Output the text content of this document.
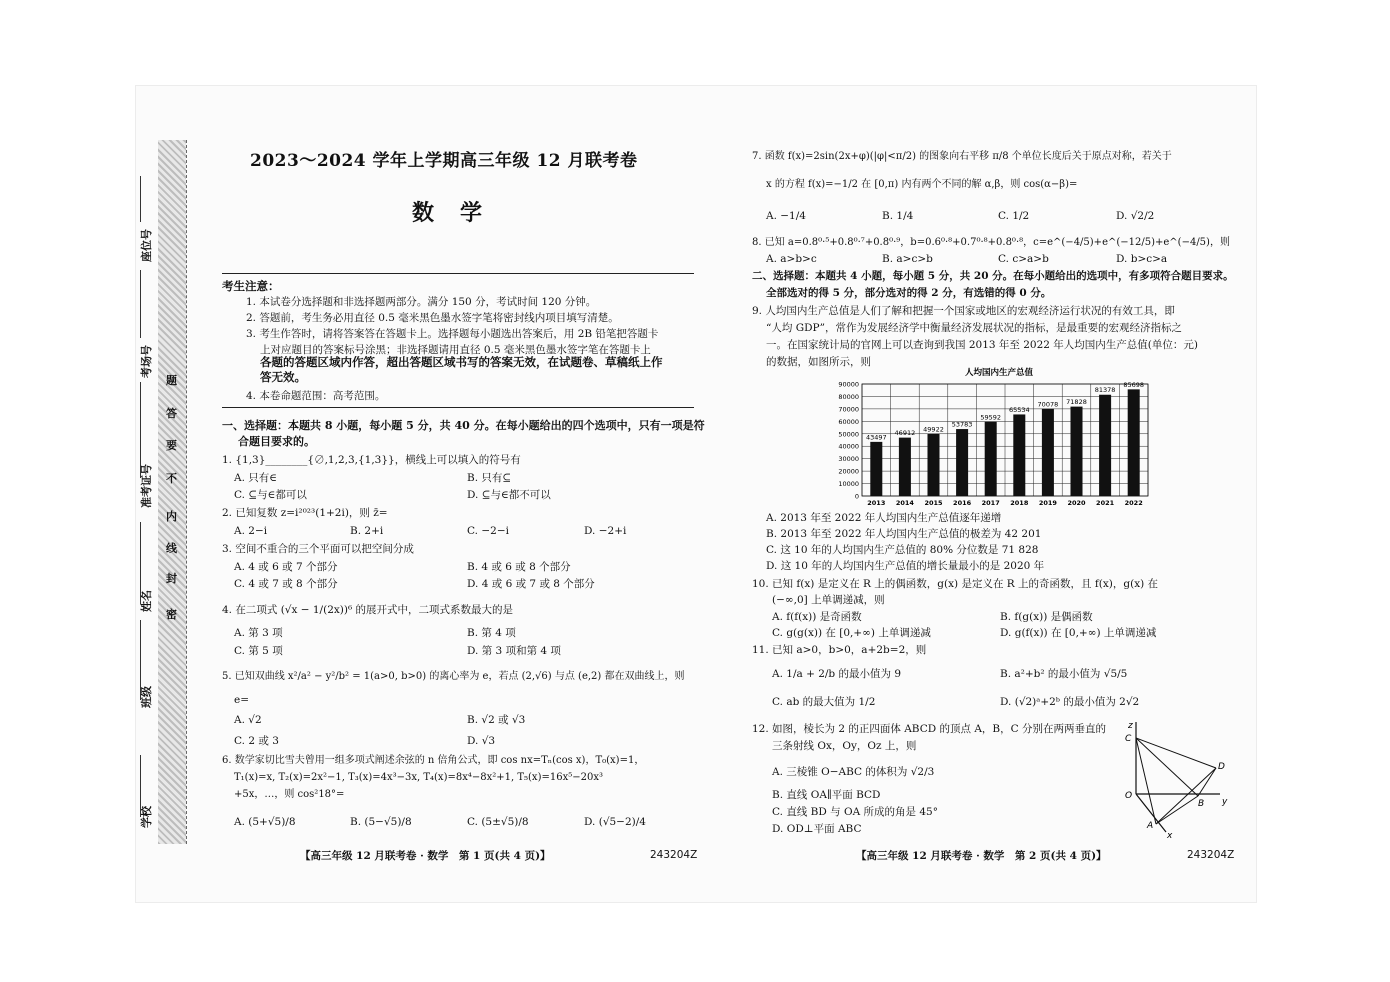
学校
班级
姓名
准考证号
考场号
座位号
密
封
线
内
不
要
答
题
2023～2024 学年上学期高三年级 12 月联考卷
数学
考生注意：
1. 本试卷分选择题和非选择题两部分。满分 150 分，考试时间 120 分钟。
2. 答题前，考生务必用直径 0.5 毫米黑色墨水签字笔将密封线内项目填写清楚。
3. 考生作答时，请将答案答在答题卡上。选择题每小题选出答案后，用 2B 铅笔把答题卡
上对应题目的答案标号涂黑；非选择题请用直径 0.5 毫米黑色墨水签字笔在答题卡上
各题的答题区域内作答，超出答题区域书写的答案无效，在试题卷、草稿纸上作
答无效。
4. 本卷命题范围：高考范围。
一、选择题：本题共 8 小题，每小题 5 分，共 40 分。在每小题给出的四个选项中，只有一项是符
合题目要求的。
1. {1,3}________{∅,1,2,3,{1,3}}，横线上可以填入的符号有
A. 只有∈	B. 只有⊆
C. ⊆与∈都可以	D. ⊆与∈都不可以
2. 已知复数 z=i²⁰²³(1+2i)，则 z̄=
A. 2−i	B. 2+i	C. −2−i	D. −2+i
3. 空间不重合的三个平面可以把空间分成
A. 4 或 6 或 7 个部分	B. 4 或 6 或 8 个部分
C. 4 或 7 或 8 个部分	D. 4 或 6 或 7 或 8 个部分
4. 在二项式 (√x − 1/(2x))⁶ 的展开式中，二项式系数最大的是
A. 第 3 项	B. 第 4 项
C. 第 5 项	D. 第 3 项和第 4 项
5. 已知双曲线 x²/a² − y²/b² = 1(a>0, b>0) 的离心率为 e，若点 (2,√6) 与点 (e,2) 都在双曲线上，则
e=
A. √2	B. √2 或 √3
C. 2 或 3	D. √3
6. 数学家切比雪夫曾用一组多项式阐述余弦的 n 倍角公式，即 cos nx=Tₙ(cos x)，T₀(x)=1，
T₁(x)=x, T₂(x)=2x²−1, T₃(x)=4x³−3x, T₄(x)=8x⁴−8x²+1, T₅(x)=16x⁵−20x³
+5x，…，则 cos²18°=
A. (5+√5)/8	B. (5−√5)/8	C. (5±√5)/8	D. (√5−2)/4
【高三年级 12 月联考卷 · 数学　第 1 页(共 4 页)】	243204Z
7. 函数 f(x)=2sin(2x+φ)(|φ|<π/2) 的图象向右平移 π/8 个单位长度后关于原点对称，若关于
x 的方程 f(x)=−1/2 在 [0,π) 内有两个不同的解 α,β，则 cos(α−β)=
A. −1/4	B. 1/4	C. 1/2	D. √2/2
8. 已知 a=0.8⁰·⁵+0.8⁰·⁷+0.8⁰·⁹，b=0.6⁰·⁸+0.7⁰·⁸+0.8⁰·⁸，c=e^(−4/5)+e^(−12/5)+e^(−4/5)，则
A. a>b>c	B. a>c>b	C. c>a>b	D. b>c>a
二、选择题：本题共 4 小题，每小题 5 分，共 20 分。在每小题给出的选项中，有多项符合题目要求。
全部选对的得 5 分，部分选对的得 2 分，有选错的得 0 分。
9. 人均国内生产总值是人们了解和把握一个国家或地区的宏观经济运行状况的有效工具，即
“人均 GDP”，常作为发展经济学中衡量经济发展状况的指标，是最重要的宏观经济指标之
一。在国家统计局的官网上可以查询到我国 2013 年至 2022 年人均国内生产总值(单位：元)
的数据，如图所示，则
人均国内生产总值
0
10000
20000
30000
40000
50000
60000
70000
80000
90000
43497
2013
46912
2014
49922
2015
53783
2016
59592
2017
65534
2018
70078
2019
71828
2020
81378
2021
85698
2022
A. 2013 年至 2022 年人均国内生产总值逐年递增
B. 2013 年至 2022 年人均国内生产总值的极差为 42 201
C. 这 10 年的人均国内生产总值的 80% 分位数是 71 828
D. 这 10 年的人均国内生产总值的增长量最小的是 2020 年
10. 已知 f(x) 是定义在 R 上的偶函数，g(x) 是定义在 R 上的奇函数，且 f(x)，g(x) 在
(−∞,0] 上单调递减，则
A. f(f(x)) 是奇函数	B. f(g(x)) 是偶函数
C. g(g(x)) 在 [0,+∞) 上单调递减	D. g(f(x)) 在 [0,+∞) 上单调递减
11. 已知 a>0，b>0，a+2b=2，则
A. 1/a + 2/b 的最小值为 9	B. a²+b² 的最小值为 √5/5
C. ab 的最大值为 1/2	D. (√2)ᵃ+2ᵇ 的最小值为 2√2
12. 如图，棱长为 2 的正四面体 ABCD 的顶点 A，B，C 分别在两两垂直的
三条射线 Ox，Oy，Oz 上，则
A. 三棱锥 O−ABC 的体积为 √2/3
B. 直线 OA∥平面 BCD
C. 直线 BD 与 OA 所成的角是 45°
D. OD⊥平面 ABC
z
C
D
O
B y
A
x
【高三年级 12 月联考卷 · 数学　第 2 页(共 4 页)】	243204Z
